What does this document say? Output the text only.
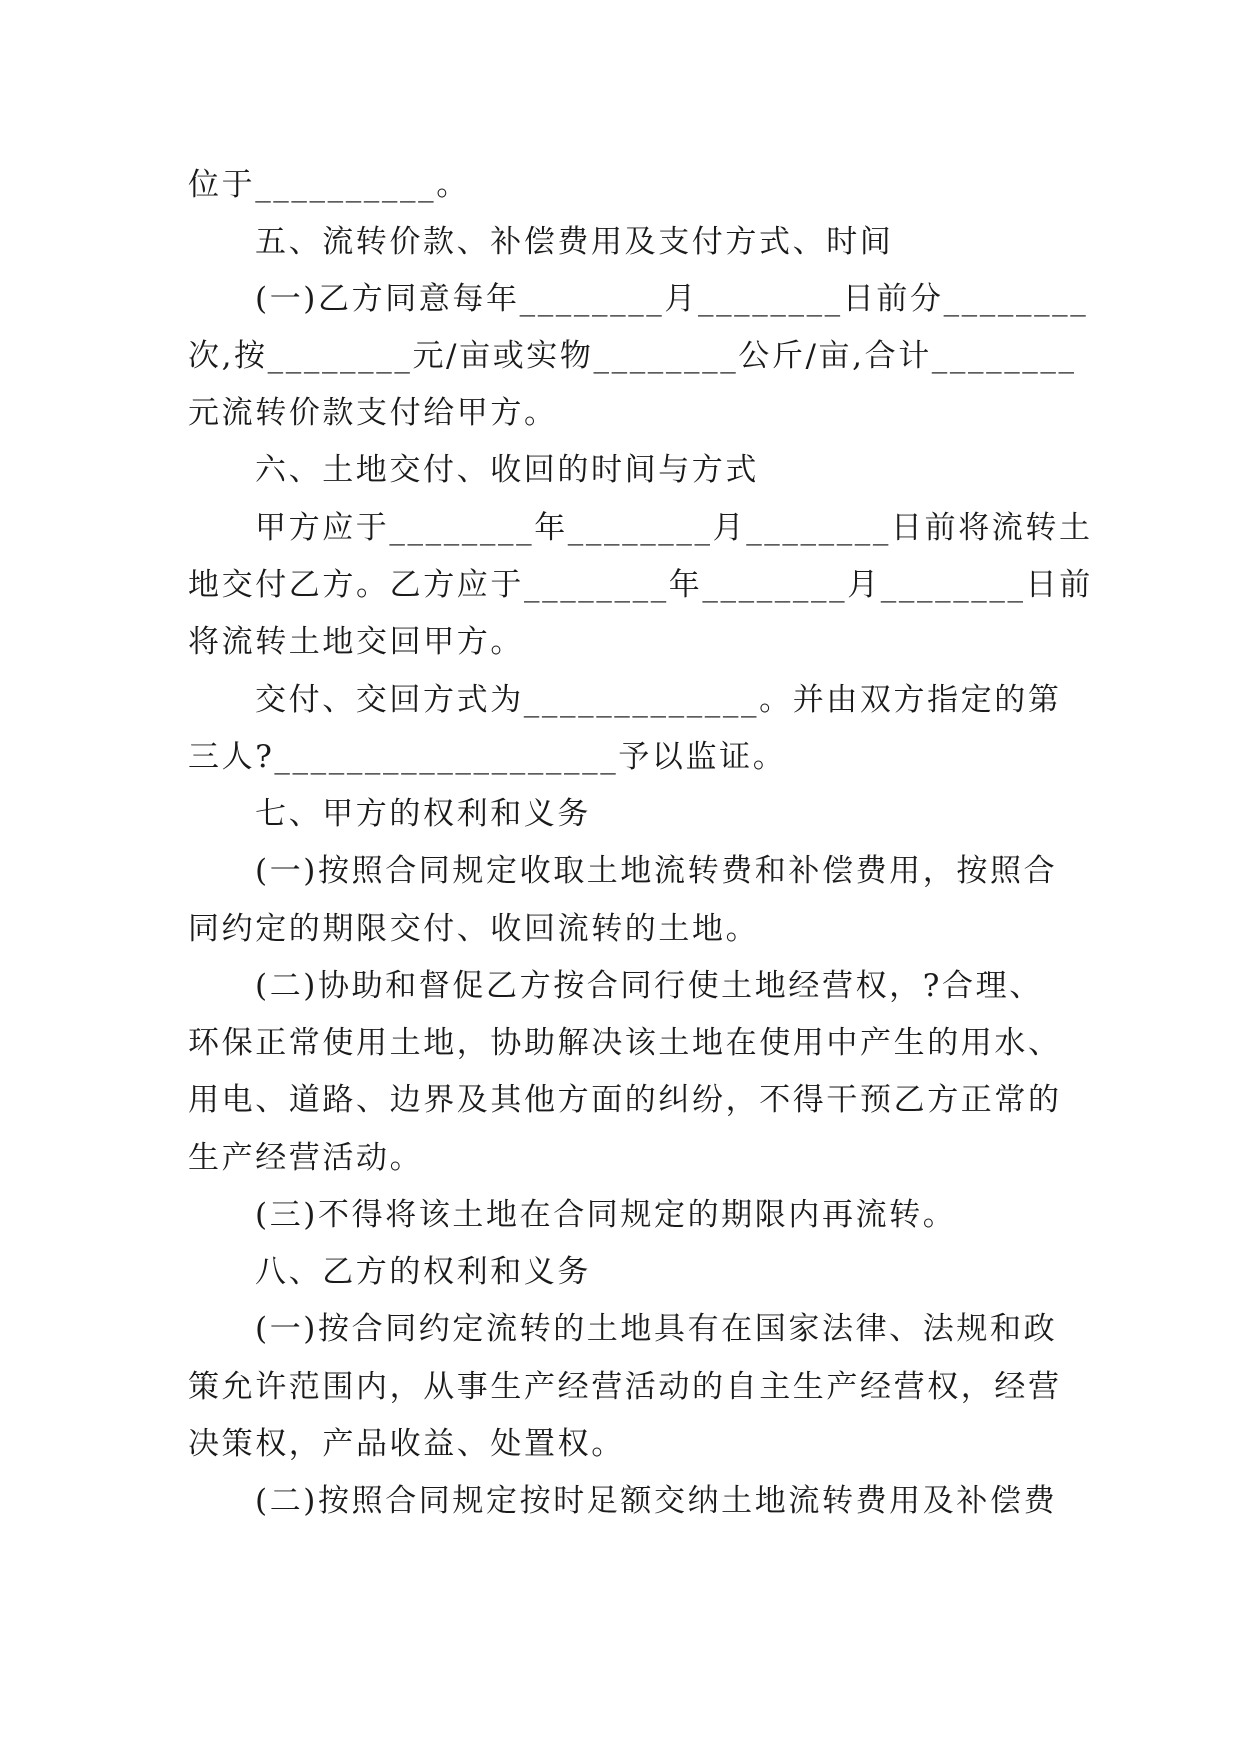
位于__________。
五、流转价款、补偿费用及支付方式、时间
(一)乙方同意每年________月________日前分________
次,按________元/亩或实物________公斤/亩,合计________
元流转价款支付给甲方。
六、土地交付、收回的时间与方式
甲方应于________年________月________日前将流转土
地交付乙方。乙方应于________年________月________日前
将流转土地交回甲方。
交付、交回方式为_____________。并由双方指定的第
三人?___________________予以监证。
七、甲方的权利和义务
(一)按照合同规定收取土地流转费和补偿费用，按照合
同约定的期限交付、收回流转的土地。
(二)协助和督促乙方按合同行使土地经营权，?合理、
环保正常使用土地，协助解决该土地在使用中产生的用水、
用电、道路、边界及其他方面的纠纷，不得干预乙方正常的
生产经营活动。
(三)不得将该土地在合同规定的期限内再流转。
八、乙方的权利和义务
(一)按合同约定流转的土地具有在国家法律、法规和政
策允许范围内，从事生产经营活动的自主生产经营权，经营
决策权，产品收益、处置权。
(二)按照合同规定按时足额交纳土地流转费用及补偿费
